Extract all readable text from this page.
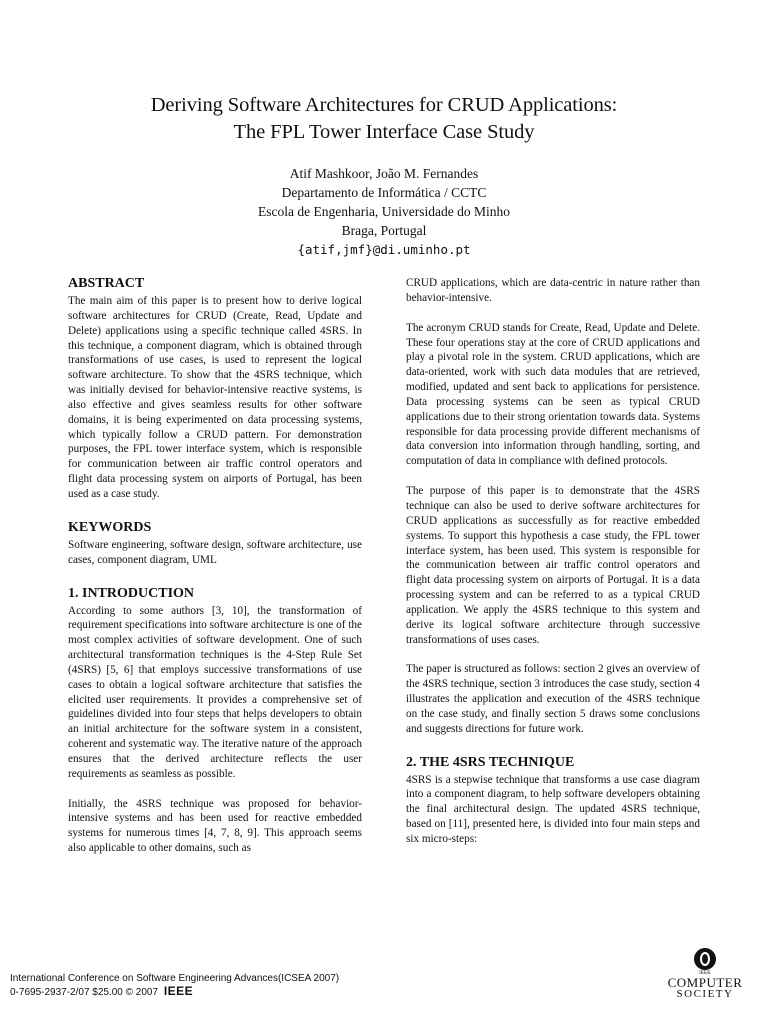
Deriving Software Architectures for CRUD Applications:
The FPL Tower Interface Case Study
Atif Mashkoor, João M. Fernandes
Departamento de Informática / CCTC
Escola de Engenharia, Universidade do Minho
Braga, Portugal
{atif,jmf}@di.uminho.pt
ABSTRACT

The main aim of this paper is to present how to derive logical software architectures for CRUD (Create, Read, Update and Delete) applications using a specific technique called 4SRS. In this technique, a component diagram, which is obtained through transformations of use cases, is used to represent the logical software architecture. To show that the 4SRS technique, which was initially devised for behavior-intensive reactive systems, is also effective and gives seamless results for other software domains, it is being experimented on data processing systems, which typically follow a CRUD pattern. For demonstration purposes, the FPL tower interface system, which is responsible for communication between air traffic control operators and flight data processing system on airports of Portugal, has been used as a case study.

KEYWORDS

Software engineering, software design, software architecture, use cases, component diagram, UML

1. INTRODUCTION

According to some authors [3, 10], the transformation of requirement specifications into software architecture is one of the most complex activities of software development. One of such architectural transformation techniques is the 4-Step Rule Set (4SRS) [5, 6] that employs successive transformations of use cases to obtain a logical software architecture that satisfies the elicited user requirements. It provides a comprehensive set of guidelines divided into four steps that helps developers to obtain an initial architecture for the software system in a consistent, coherent and systematic way. The iterative nature of the approach ensures that the derived architecture reflects the user requirements as seamless as possible.

Initially, the 4SRS technique was proposed for behavior-intensive systems and has been used for reactive embedded systems for numerous times [4, 7, 8, 9]. This approach seems also applicable to other domains, such as

CRUD applications, which are data-centric in nature rather than behavior-intensive.

The acronym CRUD stands for Create, Read, Update and Delete. These four operations stay at the core of CRUD applications and play a pivotal role in the system. CRUD applications, which are data-oriented, work with such data modules that are retrieved, modified, updated and sent back to applications for persistence. Data processing systems can be seen as typical CRUD applications due to their strong orientation towards data. Systems responsible for data processing provide different mechanisms of data conversion into information through handling, sorting, and computation of data in compliance with defined protocols.

The purpose of this paper is to demonstrate that the 4SRS technique can also be used to derive software architectures for CRUD applications as successfully as for reactive embedded systems. To support this hypothesis a case study, the FPL tower interface system, has been used. This system is responsible for the communication between air traffic control operators and flight data processing system on airports of Portugal. It is a data processing system and can be referred to as a typical CRUD application. We apply the 4SRS technique to this system and derive its logical software architecture through successive transformations of uses cases.

The paper is structured as follows: section 2 gives an overview of the 4SRS technique, section 3 introduces the case study, section 4 illustrates the application and execution of the 4SRS technique on the case study, and finally section 5 draws some conclusions and suggests directions for future work.

2. THE 4SRS TECHNIQUE

4SRS is a stepwise technique that transforms a use case diagram into a component diagram, to help software developers obtaining the final architectural design. The updated 4SRS technique, based on [11], presented here, is divided into four main steps and six micro-steps:

International Conference on Software Engineering Advances(ICSEA 2007)
0-7695-2937-2/07 $25.00 © 2007 IEEE
IEEE
COMPUTER
SOCIETY
